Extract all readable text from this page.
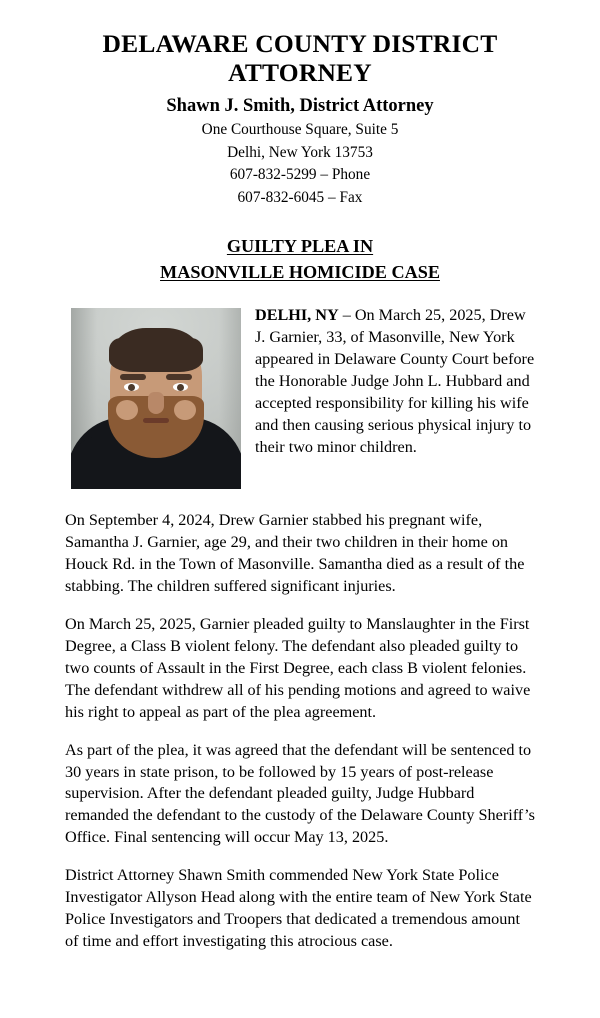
DELAWARE COUNTY DISTRICT ATTORNEY
Shawn J. Smith, District Attorney
One Courthouse Square, Suite 5
Delhi, New York 13753
607-832-5299 – Phone
607-832-6045 – Fax
GUILTY PLEA IN
MASONVILLE HOMICIDE CASE
DELHI, NY – On March 25, 2025, Drew J. Garnier, 33, of Masonville, New York appeared in Delaware County Court before the Honorable Judge John L. Hubbard and accepted responsibility for killing his wife and then causing serious physical injury to their two minor children.

On September 4, 2024, Drew Garnier stabbed his pregnant wife, Samantha J. Garnier, age 29, and their two children in their home on Houck Rd. in the Town of Masonville. Samantha died as a result of the stabbing. The children suffered significant injuries.

On March 25, 2025, Garnier pleaded guilty to Manslaughter in the First Degree, a Class B violent felony. The defendant also pleaded guilty to two counts of Assault in the First Degree, each class B violent felonies. The defendant withdrew all of his pending motions and agreed to waive his right to appeal as part of the plea agreement.

As part of the plea, it was agreed that the defendant will be sentenced to 30 years in state prison, to be followed by 15 years of post-release supervision. After the defendant pleaded guilty, Judge Hubbard remanded the defendant to the custody of the Delaware County Sheriff’s Office. Final sentencing will occur May 13, 2025.

District Attorney Shawn Smith commended New York State Police Investigator Allyson Head along with the entire team of New York State Police Investigators and Troopers that dedicated a tremendous amount of time and effort investigating this atrocious case.
